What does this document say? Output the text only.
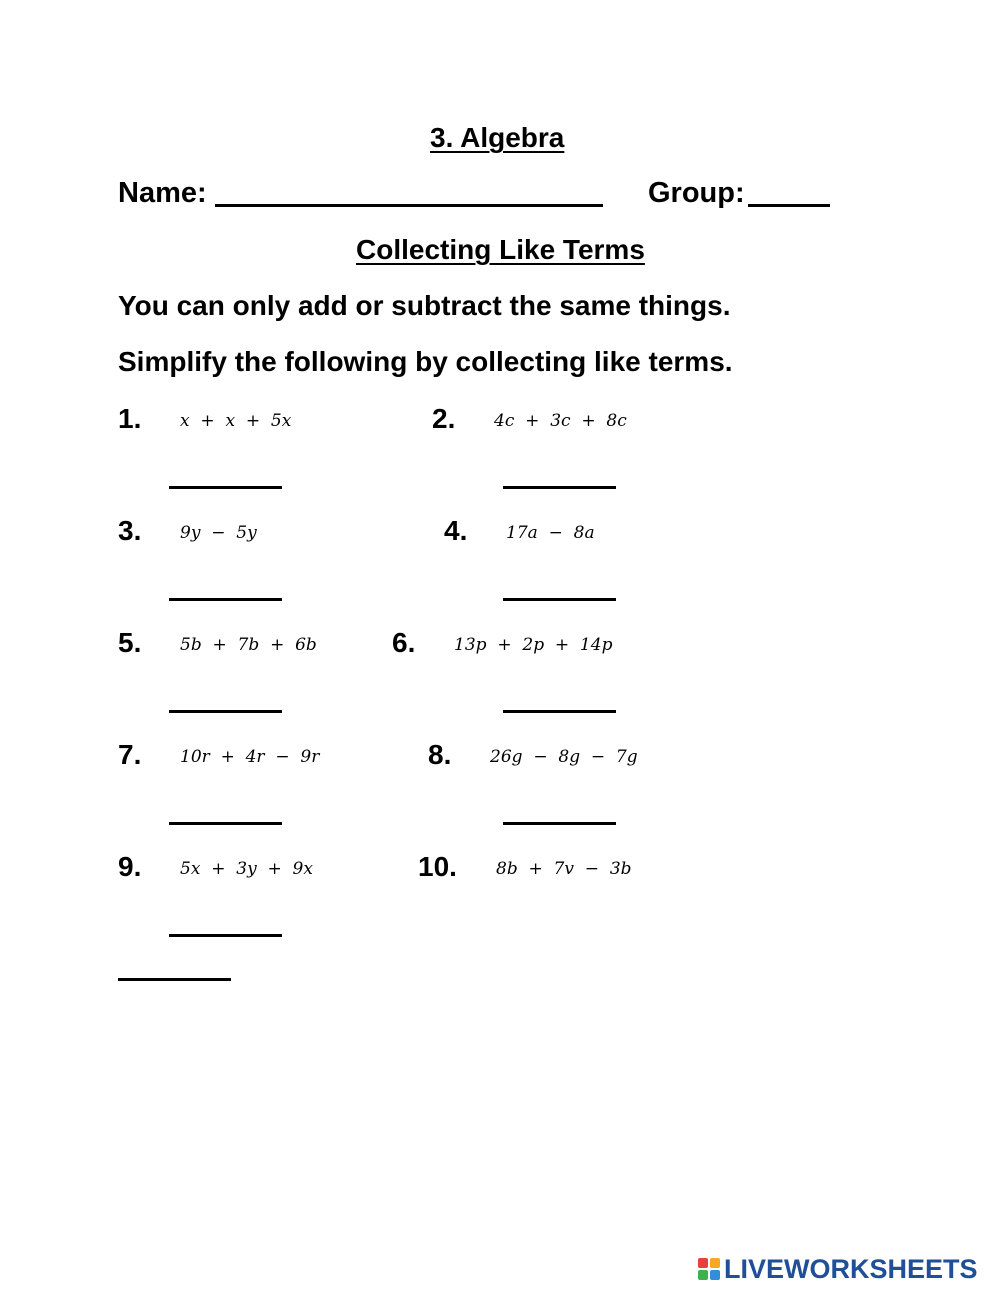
3. Algebra
Name:	Group:
Collecting Like Terms
You can only add or subtract the same things.
Simplify the following by collecting like terms.
1. x  +  x  +  5x	2. 4c  +  3c  +  8c
3. 9y  −  5y	4. 17a  −  8a
5. 5b  +  7b  +  6b	6. 13p  +  2p  +  14p
7. 10r  +  4r  −  9r	8. 26g  −  8g  −  7g
9. 5x  +  3y  +  9x	10. 8b  +  7v  −  3b
LIVEWORKSHEETS
